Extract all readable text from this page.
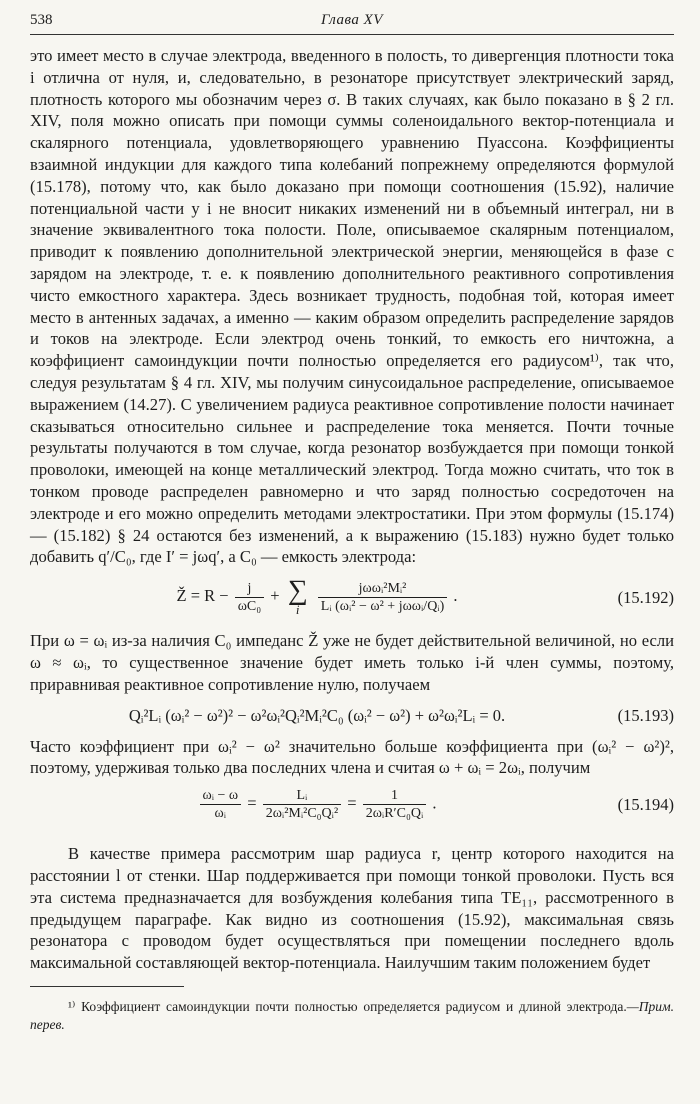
538	Глава XV

это имеет место в случае электрода, введенного в полость, то дивергенция плотности тока i отлична от нуля, и, следовательно, в резонаторе присутствует электрический заряд, плотность которого мы обозначим через σ. В таких случаях, как было показано в § 2 гл. XIV, поля можно описать при помощи суммы соленоидального вектор-потенциала и скалярного потенциала, удовлетворяющего уравнению Пуассона. Коэффициенты взаимной индукции для каждого типа колебаний попрежнему определяются формулой (15.178), потому что, как было доказано при помощи соотношения (15.92), наличие потенциальной части у i не вносит никаких изменений ни в объемный интеграл, ни в значение эквивалентного тока полости. Поле, описываемое скалярным потенциалом, приводит к появлению дополнительной электрической энергии, меняющейся в фазе с зарядом на электроде, т. е. к появлению дополнительного реактивного сопротивления чисто емкостного характера. Здесь возникает трудность, подобная той, которая имеет место в антенных задачах, а именно — каким образом определить распределение зарядов и токов на электроде. Если электрод очень тонкий, то емкость его ничтожна, а коэффициент самоиндукции почти полностью определяется его радиусом¹⁾, так что, следуя результатам § 4 гл. XIV, мы получим синусоидальное распределение, описываемое выражением (14.27). С увеличением радиуса реактивное сопротивление полости начинает сказываться относительно сильнее и распределение тока меняется. Почти точные результаты получаются в том случае, когда резонатор возбуждается при помощи тонкой проволоки, имеющей на конце металлический электрод. Тогда можно считать, что ток в тонком проводе распределен равномерно и что заряд полностью сосредоточен на электроде и его можно определить методами электростатики. При этом формулы (15.174) — (15.182) § 24 остаются без изменений, а к выражению (15.183) нужно будет только добавить q′/C₀, где I′ = jωq′, а C₀ — емкость электрода:

Ž = $R - \frac{j}{\text{ωC₀}}$ + ∑
i
	$\frac{\text{jωωᵢ²Mᵢ²}}{\text{Lᵢ (ωᵢ² − ω² + jωωᵢ/Qᵢ)}}$ .	(15.192)

При ω = ωᵢ из-за наличия C₀ импеданс Ž уже не будет действительной величиной, но если ω ≈ ωᵢ, то существенное значение будет иметь только i-й член суммы, поэтому, приравнивая реактивное сопротивление нулю, получаем

Qᵢ²Lᵢ (ωᵢ² − ω²)² − ω²ωᵢ²Qᵢ²Mᵢ²C₀ (ωᵢ² − ω²) + ω²ωᵢ²Lᵢ = 0.	(15.193)

Часто коэффициент при ωᵢ² − ω² значительно больше коэффициента при (ωᵢ² − ω²)², поэтому, удерживая только два последних члена и считая ω + ωᵢ = 2ωᵢ, получим

$\frac{\text{ωᵢ − ω}}{\text{ωᵢ}} = \frac{\text{Lᵢ}}{\text{2ωᵢ²Mᵢ²C₀Qᵢ²}} = \frac{1}{\text{2ωᵢR′C₀Qᵢ}}$ .	(15.194)

В качестве примера рассмотрим шар радиуса r, центр которого находится на расстоянии l от стенки. Шар поддерживается при помощи тонкой проволоки. Пусть вся эта система предназначается для возбуждения колебания типа TE₁₁, рассмотренного в предыдущем параграфе. Как видно из соотношения (15.92), максимальная связь резонатора с проводом будет осуществляться при помещении последнего вдоль максимальной составляющей вектор-потенциала. Наилучшим таким положением будет

¹⁾ Коэффициент самоиндукции почти полностью определяется радиусом и длиной электрода.—Прим. перев.
